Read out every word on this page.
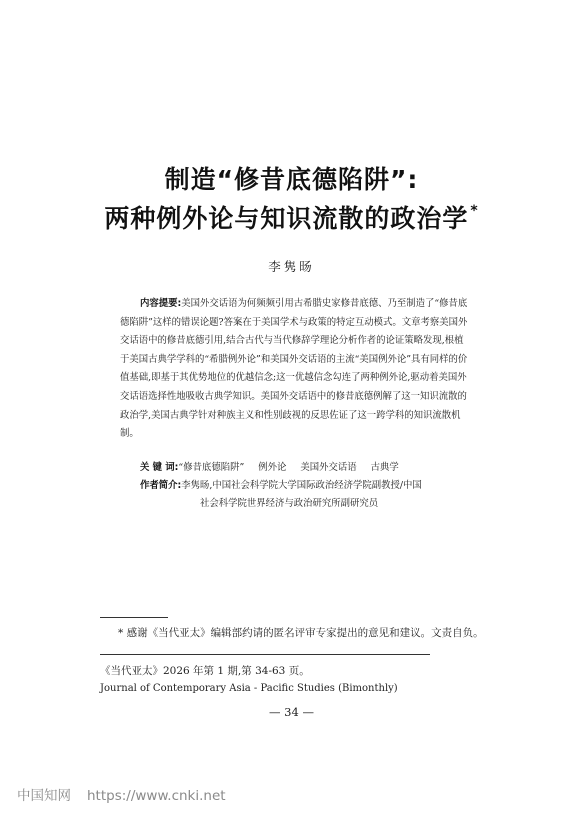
制造“修昔底德陷阱”:
两种例外论与知识流散的政治学 *
李隽旸

内容提要:美国外交话语为何频频引用古希腊史家修昔底德、乃至制造了“修昔底德陷阱”这样的错误论题?答案在于美国学术与政策的特定互动模式。文章考察美国外交话语中的修昔底德引用,结合古代与当代修辞学理论分析作者的论证策略发现,根植于美国古典学学科的“希腊例外论”和美国外交话语的主流“美国例外论”具有同样的价值基础,即基于其优势地位的优越信念;这一优越信念勾连了两种例外论,驱动着美国外交话语选择性地吸收古典学知识。美国外交话语中的修昔底德例解了这一知识流散的政治学,美国古典学针对种族主义和性别歧视的反思佐证了这一跨学科的知识流散机制。

关 键 词:“修昔底德陷阱” 例外论 美国外交话语 古典学
作者简介:李隽旸,中国社会科学院大学国际政治经济学院副教授/中国
社会科学院世界经济与政治研究所副研究员
* 感谢《当代亚太》编辑部约请的匿名评审专家提出的意见和建议。文责自负。
《当代亚太》2026 年第 1 期,第 34-63 页。
Journal of Contemporary Asia - Pacific Studies (Bimonthly)
— 34 —
中国知网 https://www.cnki.net
